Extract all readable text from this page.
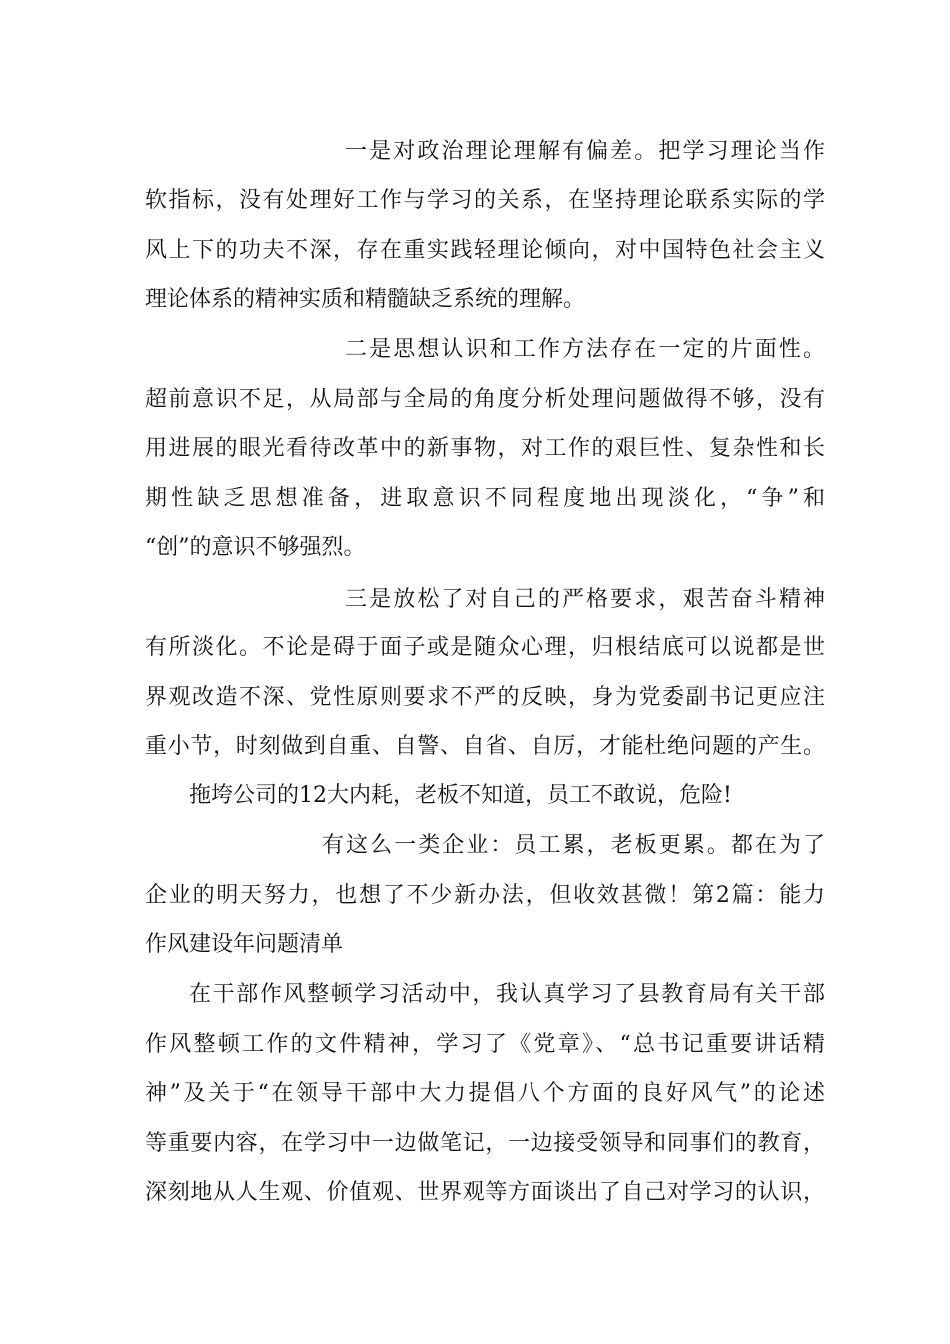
一是对政治理论理解有偏差。把学习理论当作
软指标，没有处理好工作与学习的关系，在坚持理论联系实际的学
风上下的功夫不深，存在重实践轻理论倾向，对中国特色社会主义
理论体系的精神实质和精髓缺乏系统的理解。
二是思想认识和工作方法存在一定的片面性。
超前意识不足，从局部与全局的角度分析处理问题做得不够，没有
用进展的眼光看待改革中的新事物，对工作的艰巨性、复杂性和长
期性缺乏思想准备，进取意识不同程度地出现淡化，“争”和
“创”的意识不够强烈。
三是放松了对自己的严格要求，艰苦奋斗精神
有所淡化。不论是碍于面子或是随众心理，归根结底可以说都是世
界观改造不深、党性原则要求不严的反映，身为党委副书记更应注
重小节，时刻做到自重、自警、自省、自厉，才能杜绝问题的产生。
拖垮公司的12大内耗，老板不知道，员工不敢说，危险!
有这么一类企业：员工累，老板更累。都在为了
企业的明天努力，也想了不少新办法，但收效甚微！第2篇：能力
作风建设年问题清单
在干部作风整顿学习活动中，我认真学习了县教育局有关干部
作风整顿工作的文件精神，学习了《党章》、“总书记重要讲话精
神”及关于“在领导干部中大力提倡八个方面的良好风气”的论述
等重要内容，在学习中一边做笔记，一边接受领导和同事们的教育，
深刻地从人生观、价值观、世界观等方面谈出了自己对学习的认识，
